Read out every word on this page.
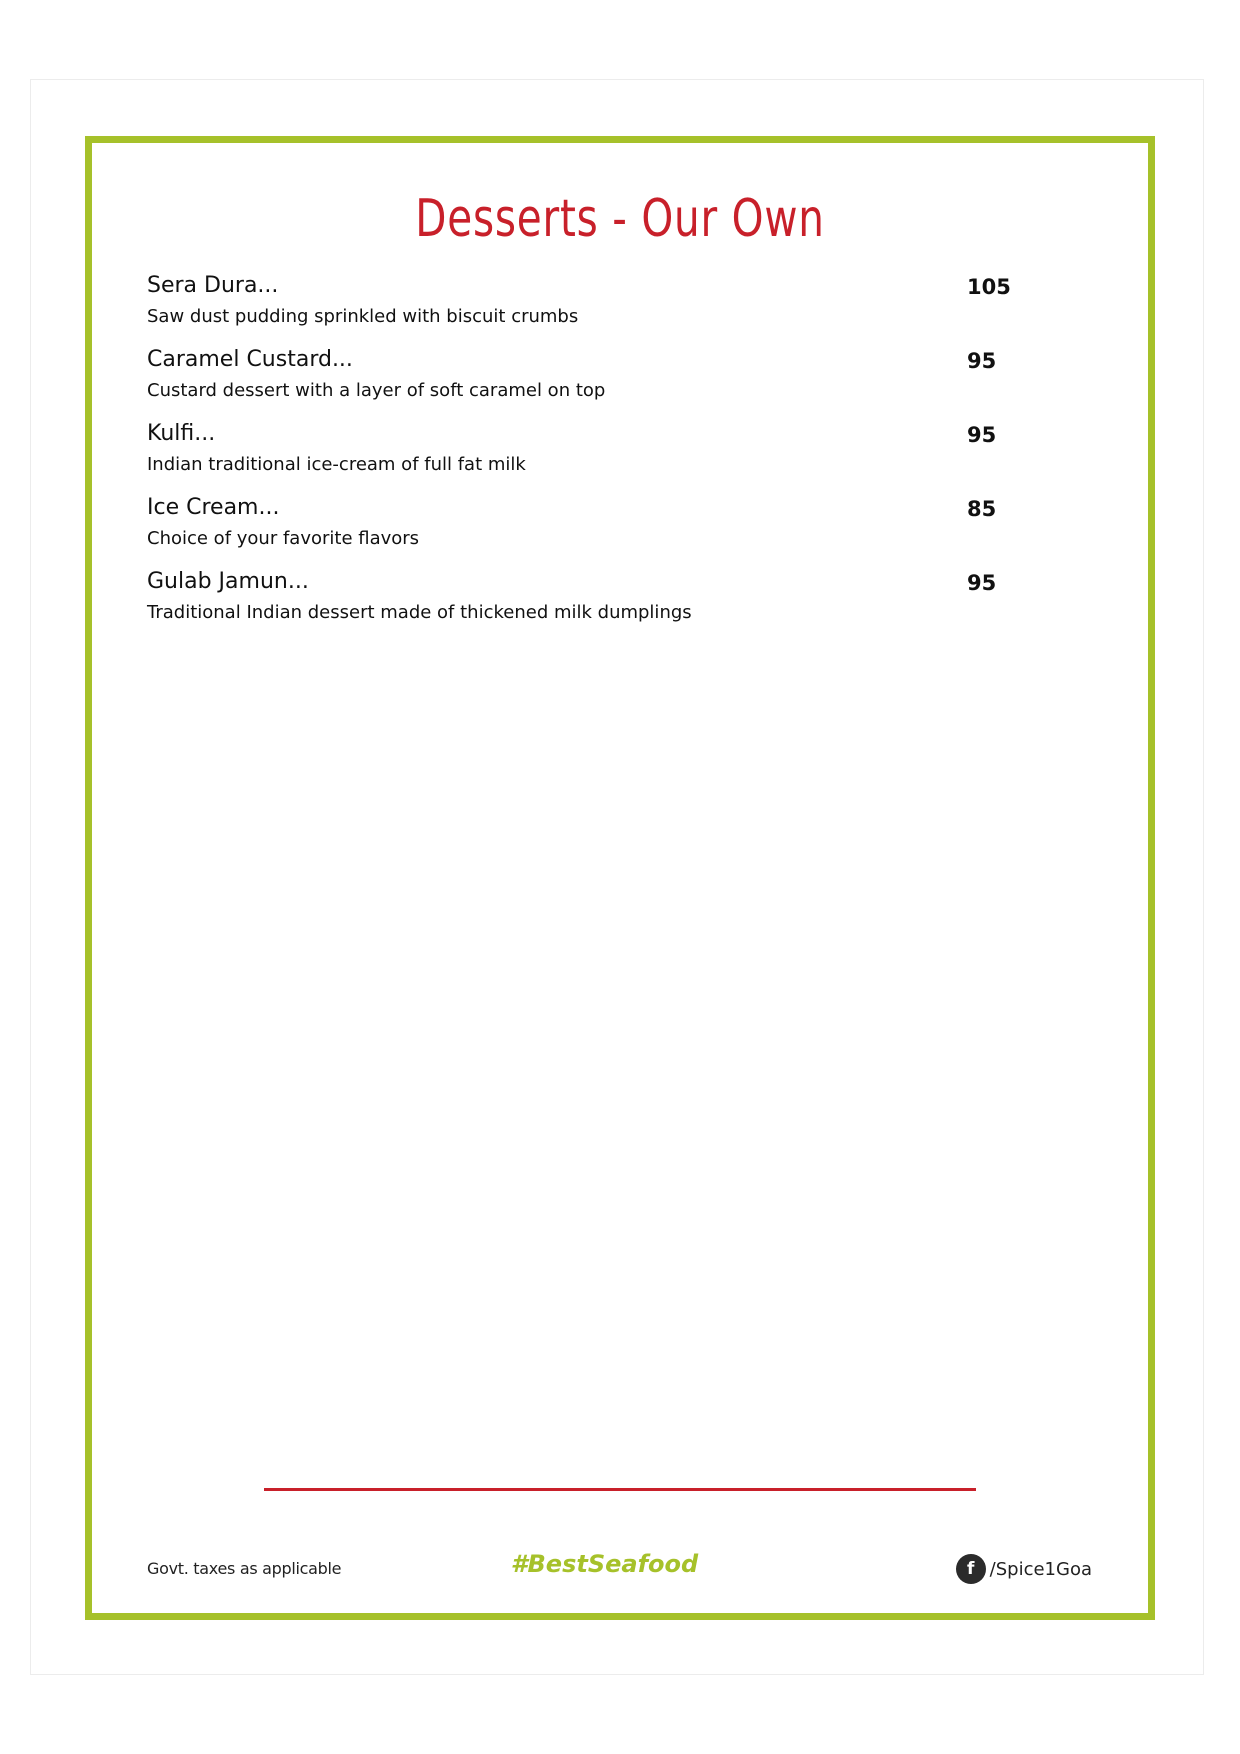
Desserts - Our Own
Sera Dura...
Saw dust pudding sprinkled with biscuit crumbs
105
Caramel Custard...
Custard dessert with a layer of soft caramel on top
95
Kulfi...
Indian traditional ice-cream of full fat milk
95
Ice Cream...
Choice of your favorite flavors
85
Gulab Jamun...
Traditional Indian dessert made of thickened milk dumplings
95
Govt. taxes as applicable	#BestSeafood	f /Spice1Goa
